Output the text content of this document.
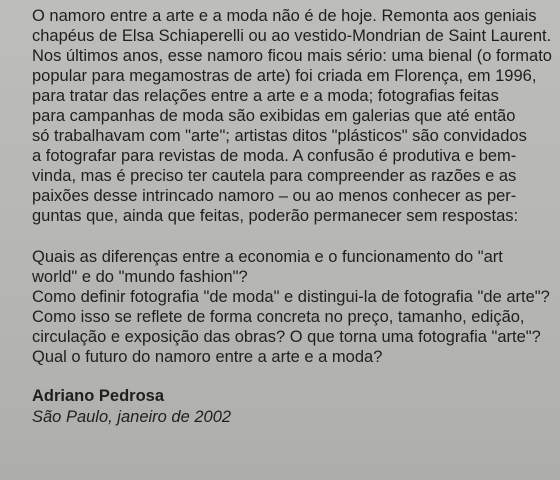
O namoro entre a arte e a moda não é de hoje. Remonta aos geniais
chapéus de Elsa Schiaperelli ou ao vestido-Mondrian de Saint Laurent.
Nos últimos anos, esse namoro ficou mais sério: uma bienal (o formato
popular para megamostras de arte) foi criada em Florença, em 1996,
para tratar das relações entre a arte e a moda; fotografias feitas
para campanhas de moda são exibidas em galerias que até então
só trabalhavam com "arte"; artistas ditos "plásticos" são convidados
a fotografar para revistas de moda. A confusão é produtiva e bem-
vinda, mas é preciso ter cautela para compreender as razões e as
paixões desse intrincado namoro – ou ao menos conhecer as per-
guntas que, ainda que feitas, poderão permanecer sem respostas:
Quais as diferenças entre a economia e o funcionamento do "art
world" e do "mundo fashion"?
Como definir fotografia "de moda" e distingui-la de fotografia "de arte"?
Como isso se reflete de forma concreta no preço, tamanho, edição,
circulação e exposição das obras? O que torna uma fotografia "arte"?
Qual o futuro do namoro entre a arte e a moda?
Adriano Pedrosa
São Paulo, janeiro de 2002
